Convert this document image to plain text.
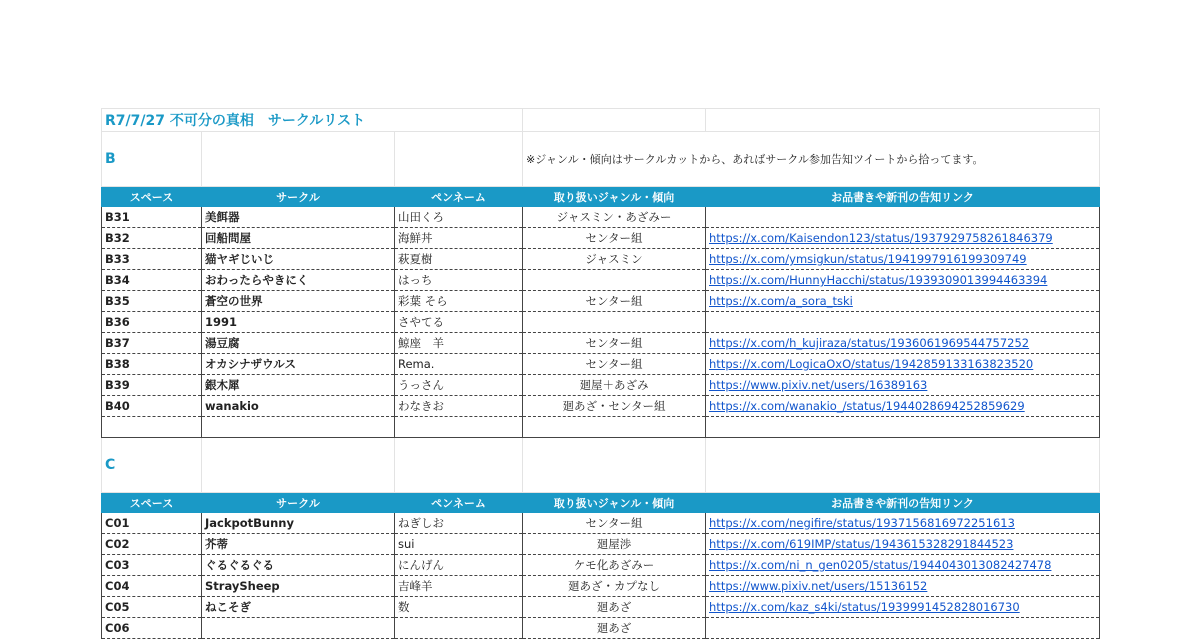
R7/7/27 不可分の真相　サークルリスト				
B			※ジャンル・傾向はサークルカットから、あればサークル参加告知ツイートから拾ってます。	
スペース	サークル	ペンネーム	取り扱いジャンル・傾向	お品書きや新刊の告知リンク
B31	美餌器	山田くろ	ジャスミン・あざみー	
B32	回船問屋	海鮮丼	センター組	https://x.com/Kaisendon123/status/1937929758261846379
B33	猫ヤギじいじ	萩夏樹	ジャスミン	https://x.com/ymsigkun/status/1941997916199309749
B34	おわったらやきにく	はっち		https://x.com/HunnyHacchi/status/1939309013994463394
B35	蒼空の世界	彩葉 そら	センター組	https://x.com/a_sora_tski
B36	1991	さやてる		
B37	湯豆腐	鯨座　羊	センター組	https://x.com/h_kujiraza/status/1936061969544757252
B38	オカシナザウルス	Rema.	センター組	https://x.com/LogicaOxO/status/1942859133163823520
B39	銀木犀	うっさん	廻屋＋あざみ	https://www.pixiv.net/users/16389163
B40	wanakio	わなきお	廻あざ・センター組	https://x.com/wanakio_/status/1944028694252859629

C				
スペース	サークル	ペンネーム	取り扱いジャンル・傾向	お品書きや新刊の告知リンク
C01	JackpotBunny	ねぎしお	センター組	https://x.com/negifire/status/1937156816972251613
C02	芥蒂	sui	廻屋渉	https://x.com/619IMP/status/1943615328291844523
C03	ぐるぐるぐる	にんげん	ケモ化あざみー	https://x.com/ni_n_gen0205/status/1944043013082427478
C04	StraySheep	吉峰羊	廻あざ・カプなし	https://www.pixiv.net/users/15136152
C05	ねこそぎ	数	廻あざ	https://x.com/kaz_s4ki/status/1939991452828016730
C06			廻あざ	
